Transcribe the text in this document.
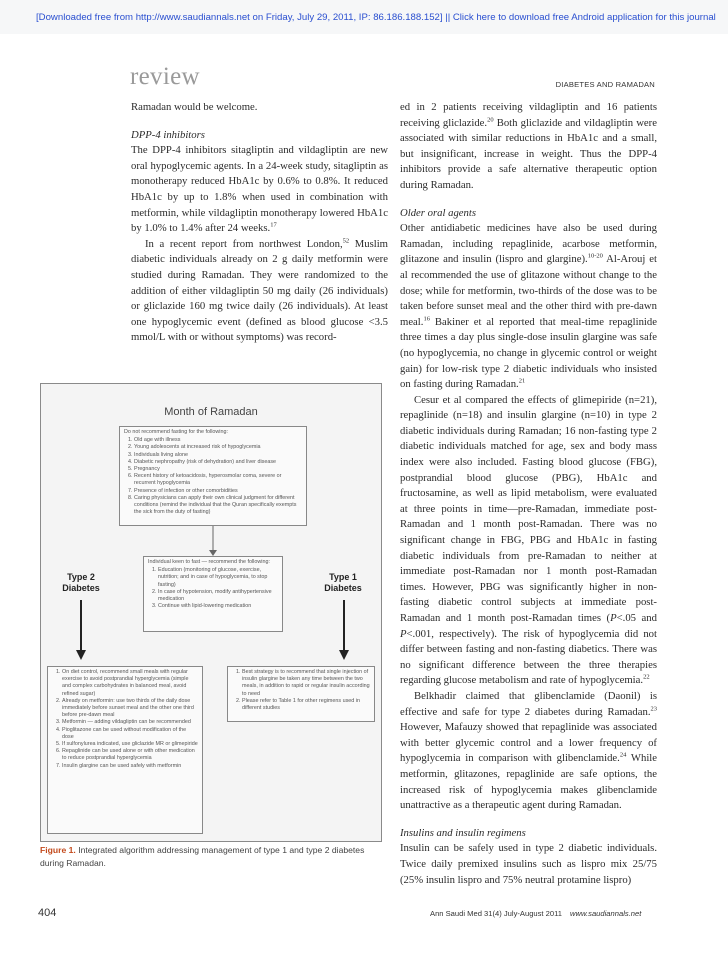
[Downloaded free from http://www.saudiannals.net on Friday, July 29, 2011, IP: 86.186.188.152] || Click here to download free Android application for this journal
review	DIABETES AND RAMADAN

Ramadan would be welcome.

DPP-4 inhibitors

The DPP-4 inhibitors sitagliptin and vildagliptin are new oral hypoglycemic agents. In a 24-week study, sitagliptin as monotherapy reduced HbA1c by 0.6% to 0.8%. It reduced HbA1c by up to 1.8% when used in combination with metformin, while vildagliptin monotherapy lowered HbA1c by 1.0% to 1.4% after 24 weeks.$^{17}$

In a recent report from northwest London,$^{52}$ Muslim diabetic individuals already on 2 g daily metformin were studied during Ramadan. They were randomized to the addition of either vildagliptin 50 mg daily (26 individuals) or gliclazide 160 mg twice daily (26 individuals). At least one hypoglycemic event (defined as blood glucose <3.5 mmol/L with or without symptoms) was record-

ed in 2 patients receiving vildagliptin and 16 patients receiving gliclazide.$^{20}$ Both gliclazide and vildagliptin were associated with similar reductions in HbA1c and a small, but insignificant, increase in weight. Thus the DPP-4 inhibitors provide a safe alternative therapeutic option during Ramadan.

Older oral agents

Other antidiabetic medicines have also be used during Ramadan, including repaglinide, acarbose metformin, glitazone and insulin (lispro and glargine).$^{10-20}$ Al-Arouj et al recommended the use of glitazone without change to the dose; while for metformin, two-thirds of the dose was to be taken before sunset meal and the other third with pre-dawn meal.$^{16}$ Bakiner et al reported that meal-time repaglinide three times a day plus single-dose insulin glargine was safe (no hypoglycemia, no change in glycemic control or weight gain) for low-risk type 2 diabetic individuals who insisted on fasting during Ramadan.$^{21}$

Cesur et al compared the effects of glimepiride (n=21), repaglinide (n=18) and insulin glargine (n=10) in type 2 diabetic individuals during Ramadan; 16 non-fasting type 2 diabetic individuals matched for age, sex and body mass index were also included. Fasting blood glucose (FBG), postprandial blood glucose (PBG), HbA1c and fructosamine, as well as lipid metabolism, were evaluated at three points in time—pre-Ramadan, immediate post-Ramadan and 1 month post-Ramadan. There was no significant change in FBG, PBG and HbA1c in fasting diabetic individuals from pre-Ramadan to neither at immediate post-Ramadan nor 1 month post-Ramadan times. However, PBG was significantly higher in non-fasting diabetic control subjects at immediate post-Ramadan and 1 month post-Ramadan times (P<.05 and P<.001, respectively). The risk of hypoglycemia did not differ between fasting and non-fasting diabetics. There was no significant difference between the three therapies regarding glucose metabolism and rate of hypoglycemia.$^{22}$

Belkhadir claimed that glibenclamide (Daonil) is effective and safe for type 2 diabetes during Ramadan.$^{23}$ However, Mafauzy showed that repaglinide was associated with better glycemic control and a lower frequency of hypoglycemia in comparison with glibenclamide.$^{24}$ While metformin, glitazones, repaglinide are safe options, the increased risk of hypoglycemia makes glibenclamide unattractive as a therapeutic agent during Ramadan.

Insulins and insulin regimens

Insulin can be safely used in type 2 diabetic individuals. Twice daily premixed insulins such as lispro mix 25/75 (25% insulin lispro and 75% neutral protamine lispro)

Month of Ramadan
Do not recommend fasting for the following:
1. Old age with illness
2. Young adolescents at increased risk of hypoglycemia
3. Individuals living alone
4. Diabetic nephropathy (risk of dehydration) and liver disease
5. Pregnancy
6. Recent history of ketoacidosis, hyperosmolar coma, severe or recurrent hypoglycemia
7. Presence of infection or other comorbidities
8. Caring physicians can apply their own clinical judgment for different conditions (remind the individual that the Quran specifically exempts the sick from the duty of fasting)
Type 2 Diabetes
Type 1 Diabetes
Individual keen to fast — recommend the following:
1. Education (monitoring of glucose, exercise, nutrition; and in case of hypoglycemia, to stop fasting)
2. In case of hypotension, modify antihypertensive medication
3. Continue with lipid-lowering medication
1. On diet control, recommend small meals with regular exercise to avoid postprandial hyperglycemia (simple and complex carbohydrates in balanced meal, avoid refined sugar)
2. Already on metformin: use two thirds of the daily dose immediately before sunset meal and the other one third before pre-dawn meal
3. Metformin — adding vildagliptin can be recommended
4. Pioglitazone can be used without modification of the dose
5. If sulfonylurea indicated, use gliclazide MR or glimepiride
6. Repaglinide can be used alone or with other medication to reduce postprandial hyperglycemia
7. Insulin glargine can be used safely with metformin
1. Best strategy is to recommend that single injection of insulin glargine be taken any time between the two meals, in addition to rapid or regular insulin according to need
2. Please refer to Table 1 for other regimens used in different studies
Figure 1. Integrated algorithm addressing management of type 1 and type 2 diabetes during Ramadan.
404	Ann Saudi Med 31(4) July-August 2011 www.saudiannals.net
